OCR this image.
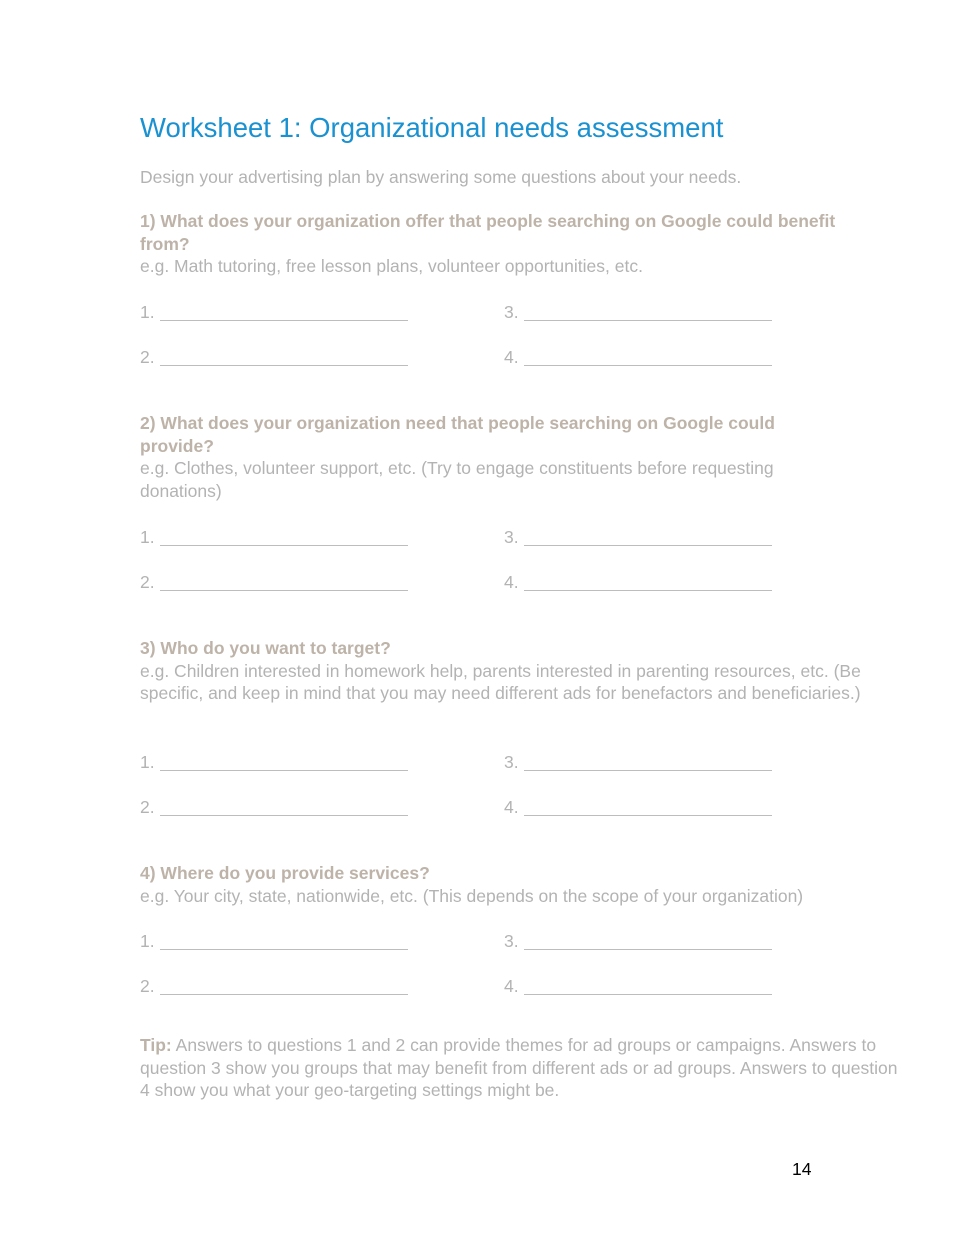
Worksheet 1: Organizational needs assessment
Design your advertising plan by answering some questions about your needs.
1) What does your organization offer that people searching on Google could benefit from?
e.g. Math tutoring, free lesson plans, volunteer opportunities, etc.
1.
2.
3.
4.
2) What does your organization need that people searching on Google could provide?
e.g. Clothes, volunteer support, etc. (Try to engage constituents before requesting donations)
1.
2.
3.
4.
3) Who do you want to target?
e.g. Children interested in homework help, parents interested in parenting resources, etc. (Be specific, and keep in mind that you may need different ads for benefactors and beneficiaries.)
1.
2.
3.
4.
4) Where do you provide services?
e.g. Your city, state, nationwide, etc. (This depends on the scope of your organization)
1.
2.
3.
4.
Tip: Answers to questions 1 and 2 can provide themes for ad groups or campaigns. Answers to question 3 show you groups that may benefit from different ads or ad groups. Answers to question 4 show you what your geo-targeting settings might be.
14
